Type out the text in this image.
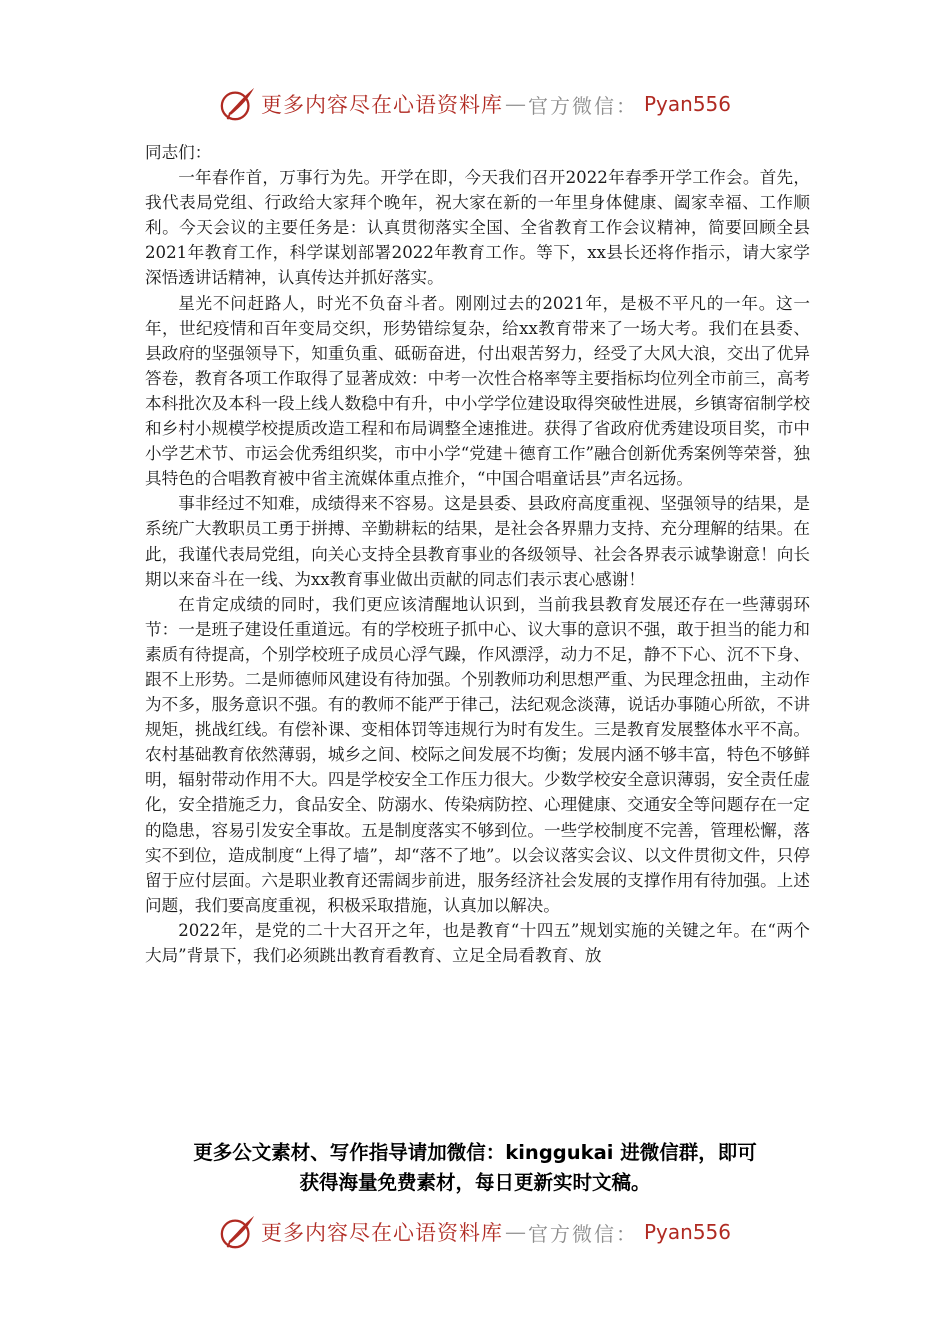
更多内容尽在心语资料库 — 官方微信： Pyan556

同志们：

一年春作首，万事行为先。开学在即，今天我们召开2022年春季开学工作会。首先，我代表局党组、行政给大家拜个晚年，祝大家在新的一年里身体健康、阖家幸福、工作顺利。今天会议的主要任务是：认真贯彻落实全国、全省教育工作会议精神，简要回顾全县2021年教育工作，科学谋划部署2022年教育工作。等下，xx县长还将作指示，请大家学深悟透讲话精神，认真传达并抓好落实。

星光不问赶路人，时光不负奋斗者。刚刚过去的2021年，是极不平凡的一年。这一年，世纪疫情和百年变局交织，形势错综复杂，给xx教育带来了一场大考。我们在县委、县政府的坚强领导下，知重负重、砥砺奋进，付出艰苦努力，经受了大风大浪，交出了优异答卷，教育各项工作取得了显著成效：中考一次性合格率等主要指标均位列全市前三，高考本科批次及本科一段上线人数稳中有升，中小学学位建设取得突破性进展，乡镇寄宿制学校和乡村小规模学校提质改造工程和布局调整全速推进。获得了省政府优秀建设项目奖，市中小学艺术节、市运会优秀组织奖，市中小学“党建＋德育工作”融合创新优秀案例等荣誉，独具特色的合唱教育被中省主流媒体重点推介，“中国合唱童话县”声名远扬。

事非经过不知难，成绩得来不容易。这是县委、县政府高度重视、坚强领导的结果，是系统广大教职员工勇于拼搏、辛勤耕耘的结果，是社会各界鼎力支持、充分理解的结果。在此，我谨代表局党组，向关心支持全县教育事业的各级领导、社会各界表示诚挚谢意！向长期以来奋斗在一线、为xx教育事业做出贡献的同志们表示衷心感谢！

在肯定成绩的同时，我们更应该清醒地认识到，当前我县教育发展还存在一些薄弱环节：一是班子建设任重道远。有的学校班子抓中心、议大事的意识不强，敢于担当的能力和素质有待提高，个别学校班子成员心浮气躁，作风漂浮，动力不足，静不下心、沉不下身、跟不上形势。二是师德师风建设有待加强。个别教师功利思想严重、为民理念扭曲，主动作为不多，服务意识不强。有的教师不能严于律己，法纪观念淡薄，说话办事随心所欲，不讲规矩，挑战红线。有偿补课、变相体罚等违规行为时有发生。三是教育发展整体水平不高。农村基础教育依然薄弱，城乡之间、校际之间发展不均衡；发展内涵不够丰富，特色不够鲜明，辐射带动作用不大。四是学校安全工作压力很大。少数学校安全意识薄弱，安全责任虚化，安全措施乏力，食品安全、防溺水、传染病防控、心理健康、交通安全等问题存在一定的隐患，容易引发安全事故。五是制度落实不够到位。一些学校制度不完善，管理松懈，落实不到位，造成制度“上得了墙”，却“落不了地”。以会议落实会议、以文件贯彻文件，只停留于应付层面。六是职业教育还需阔步前进，服务经济社会发展的支撑作用有待加强。上述问题，我们要高度重视，积极采取措施，认真加以解决。

2022年，是党的二十大召开之年，也是教育“十四五”规划实施的关键之年。在“两个大局”背景下，我们必须跳出教育看教育、立足全局看教育、放

更多公文素材、写作指导请加微信：kinggukai 进微信群，即可
获得海量免费素材，每日更新实时文稿。
更多内容尽在心语资料库 — 官方微信： Pyan556
